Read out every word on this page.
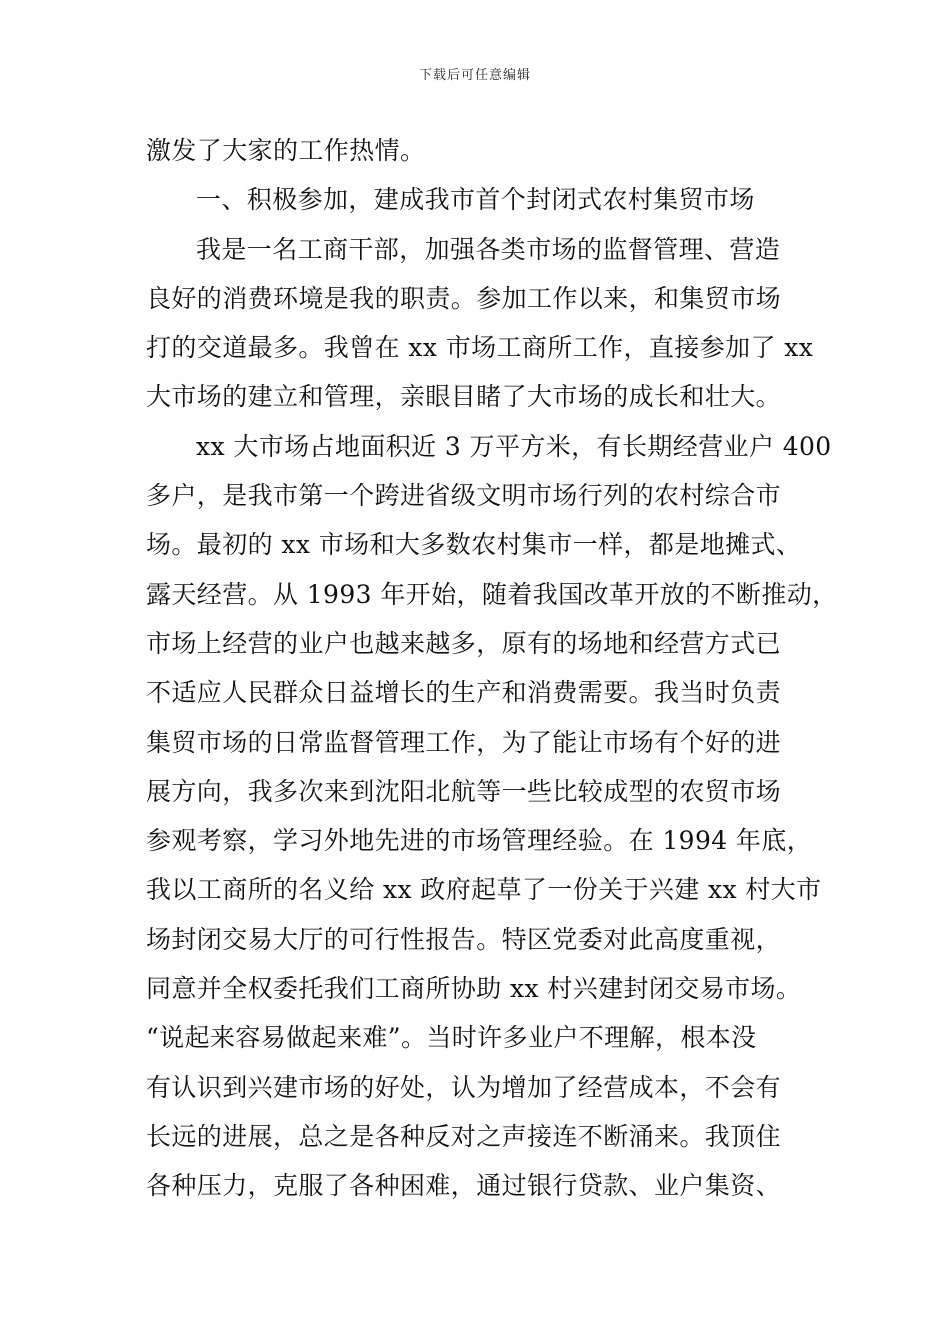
下载后可任意编辑
激发了大家的工作热情。
一、积极参加，建成我市首个封闭式农村集贸市场
我是一名工商干部，加强各类市场的监督管理、营造
良好的消费环境是我的职责。参加工作以来，和集贸市场
打的交道最多。我曾在 xx 市场工商所工作，直接参加了 xx
大市场的建立和管理，亲眼目睹了大市场的成长和壮大。
xx 大市场占地面积近 3 万平方米，有长期经营业户 400
多户，是我市第一个跨进省级文明市场行列的农村综合市
场。最初的 xx 市场和大多数农村集市一样，都是地摊式、
露天经营。从 1993 年开始，随着我国改革开放的不断推动，
市场上经营的业户也越来越多，原有的场地和经营方式已
不适应人民群众日益增长的生产和消费需要。我当时负责
集贸市场的日常监督管理工作，为了能让市场有个好的进
展方向，我多次来到沈阳北航等一些比较成型的农贸市场
参观考察，学习外地先进的市场管理经验。在 1994 年底，
我以工商所的名义给 xx 政府起草了一份关于兴建 xx 村大市
场封闭交易大厅的可行性报告。特区党委对此高度重视，
同意并全权委托我们工商所协助 xx 村兴建封闭交易市场。
“说起来容易做起来难”。当时许多业户不理解，根本没
有认识到兴建市场的好处，认为增加了经营成本，不会有
长远的进展，总之是各种反对之声接连不断涌来。我顶住
各种压力，克服了各种困难，通过银行贷款、业户集资、
